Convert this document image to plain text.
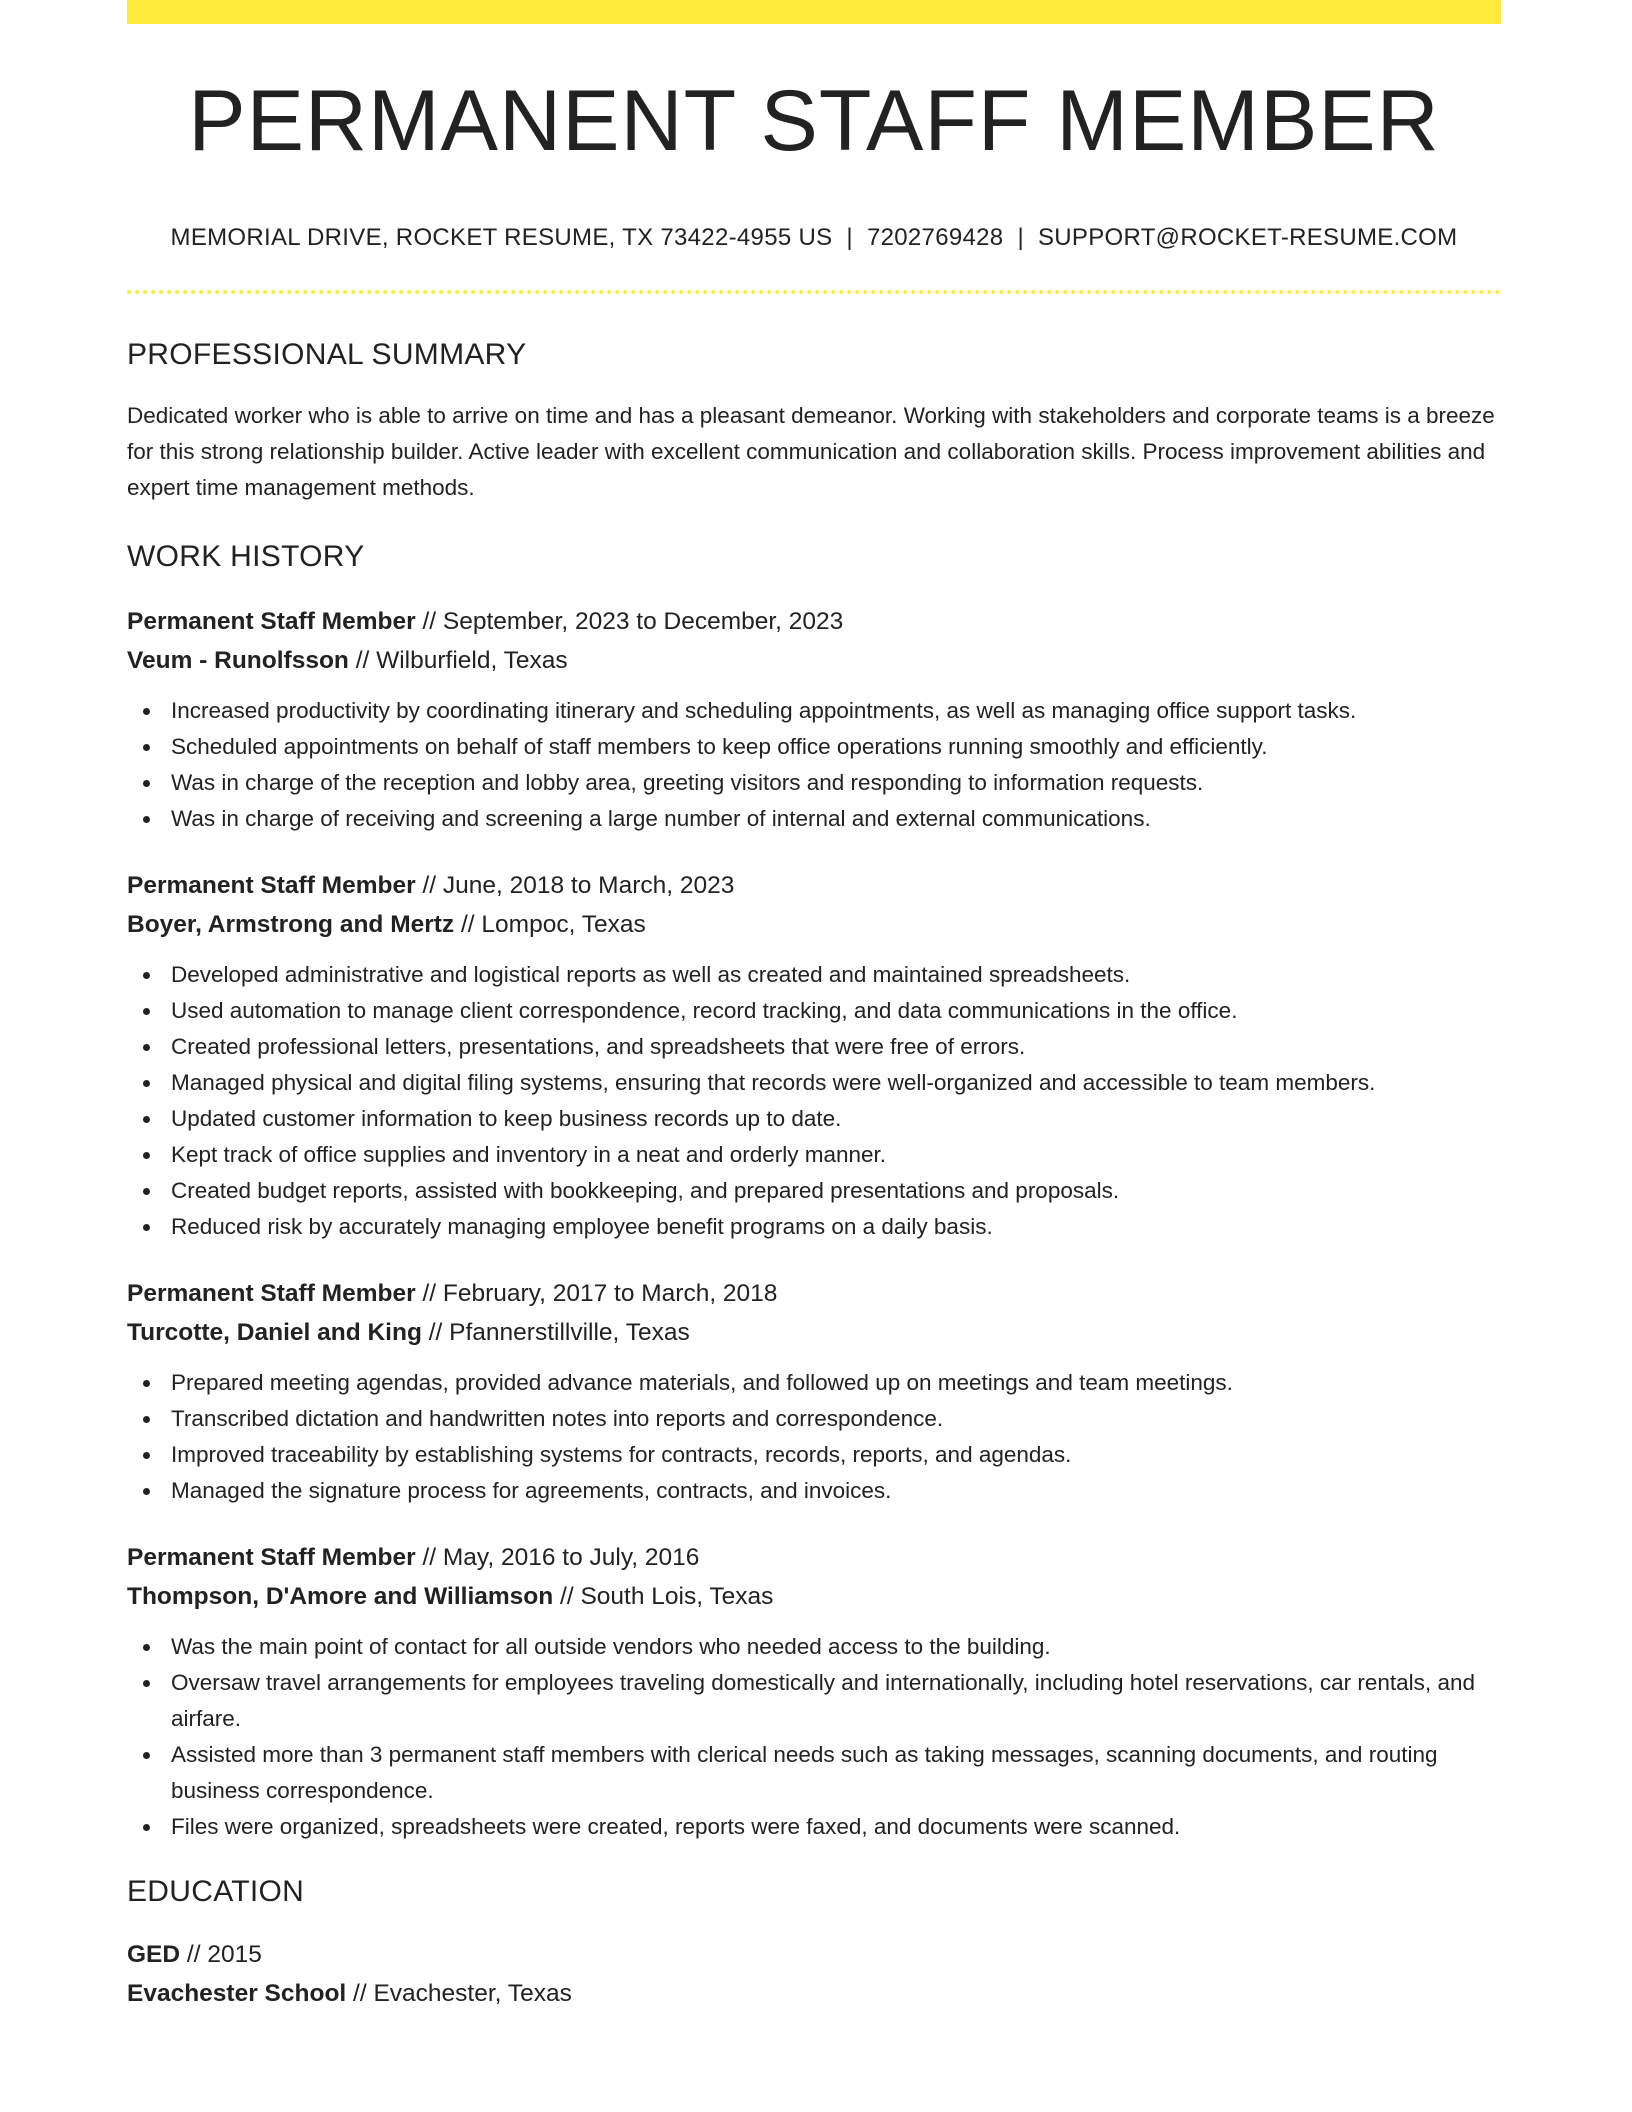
PERMANENT STAFF MEMBER
MEMORIAL DRIVE, ROCKET RESUME, TX 73422-4955 US | 7202769428 | SUPPORT@ROCKET-RESUME.COM
PROFESSIONAL SUMMARY
Dedicated worker who is able to arrive on time and has a pleasant demeanor. Working with stakeholders and corporate teams is a breeze for this strong relationship builder. Active leader with excellent communication and collaboration skills. Process improvement abilities and expert time management methods.
WORK HISTORY
Permanent Staff Member // September, 2023 to December, 2023
Veum - Runolfsson // Wilburfield, Texas
Increased productivity by coordinating itinerary and scheduling appointments, as well as managing office support tasks.
Scheduled appointments on behalf of staff members to keep office operations running smoothly and efficiently.
Was in charge of the reception and lobby area, greeting visitors and responding to information requests.
Was in charge of receiving and screening a large number of internal and external communications.
Permanent Staff Member // June, 2018 to March, 2023
Boyer, Armstrong and Mertz // Lompoc, Texas
Developed administrative and logistical reports as well as created and maintained spreadsheets.
Used automation to manage client correspondence, record tracking, and data communications in the office.
Created professional letters, presentations, and spreadsheets that were free of errors.
Managed physical and digital filing systems, ensuring that records were well-organized and accessible to team members.
Updated customer information to keep business records up to date.
Kept track of office supplies and inventory in a neat and orderly manner.
Created budget reports, assisted with bookkeeping, and prepared presentations and proposals.
Reduced risk by accurately managing employee benefit programs on a daily basis.
Permanent Staff Member // February, 2017 to March, 2018
Turcotte, Daniel and King // Pfannerstillville, Texas
Prepared meeting agendas, provided advance materials, and followed up on meetings and team meetings.
Transcribed dictation and handwritten notes into reports and correspondence.
Improved traceability by establishing systems for contracts, records, reports, and agendas.
Managed the signature process for agreements, contracts, and invoices.
Permanent Staff Member // May, 2016 to July, 2016
Thompson, D'Amore and Williamson // South Lois, Texas
Was the main point of contact for all outside vendors who needed access to the building.
Oversaw travel arrangements for employees traveling domestically and internationally, including hotel reservations, car rentals, and airfare.
Assisted more than 3 permanent staff members with clerical needs such as taking messages, scanning documents, and routing business correspondence.
Files were organized, spreadsheets were created, reports were faxed, and documents were scanned.
EDUCATION
GED // 2015
Evachester School // Evachester, Texas
